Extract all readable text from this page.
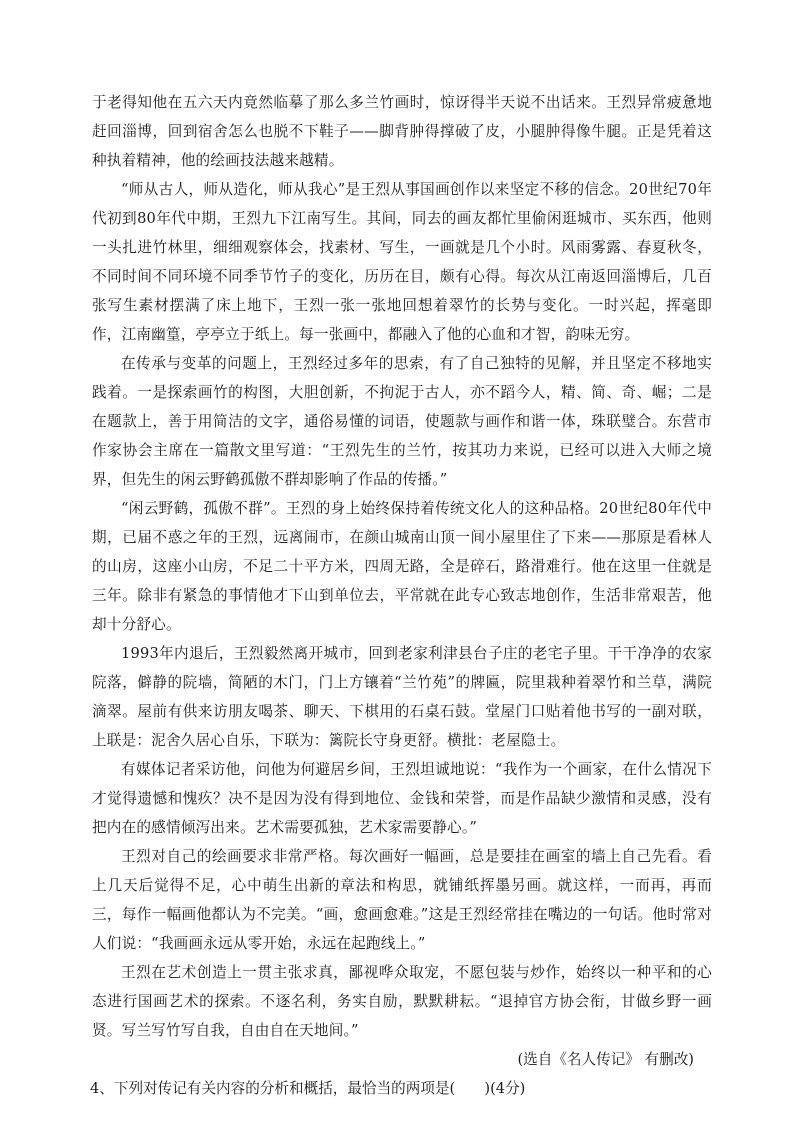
于老得知他在五六天内竟然临摹了那么多兰竹画时，惊讶得半天说不出话来。王烈异常疲惫地赶回淄博，回到宿舍怎么也脱不下鞋子——脚背肿得撑破了皮，小腿肿得像牛腿。正是凭着这种执着精神，他的绘画技法越来越精。

“师从古人，师从造化，师从我心”是王烈从事国画创作以来坚定不移的信念。20世纪70年代初到80年代中期，王烈九下江南写生。其间，同去的画友都忙里偷闲逛城市、买东西，他则一头扎进竹林里，细细观察体会，找素材、写生，一画就是几个小时。风雨雾露、春夏秋冬，不同时间不同环境不同季节竹子的变化，历历在目，颇有心得。每次从江南返回淄博后，几百张写生素材摆满了床上地下，王烈一张一张地回想着翠竹的长势与变化。一时兴起，挥毫即作，江南幽篁，亭亭立于纸上。每一张画中，都融入了他的心血和才智，韵味无穷。

在传承与变革的问题上，王烈经过多年的思索，有了自己独特的见解，并且坚定不移地实践着。一是探索画竹的构图，大胆创新，不拘泥于古人，亦不蹈今人，精、简、奇、崛；二是在题款上，善于用简洁的文字，通俗易懂的词语，使题款与画作和谐一体，珠联璧合。东营市作家协会主席在一篇散文里写道：“王烈先生的兰竹，按其功力来说，已经可以进入大师之境界，但先生的闲云野鹤孤傲不群却影响了作品的传播。”

“闲云野鹤，孤傲不群”。王烈的身上始终保持着传统文化人的这种品格。20世纪80年代中期，已届不惑之年的王烈，远离闹市，在颜山城南山顶一间小屋里住了下来——那原是看林人的山房，这座小山房，不足二十平方米，四周无路，全是碎石，路滑难行。他在这里一住就是三年。除非有紧急的事情他才下山到单位去，平常就在此专心致志地创作，生活非常艰苦，他却十分舒心。

1993年内退后，王烈毅然离开城市，回到老家利津县台子庄的老宅子里。干干净净的农家院落，僻静的院墙，简陋的木门，门上方镶着“兰竹苑”的牌匾，院里栽种着翠竹和兰草，满院滴翠。屋前有供来访朋友喝茶、聊天、下棋用的石桌石鼓。堂屋门口贴着他书写的一副对联，上联是：泥舍久居心自乐，下联为：篱院长守身更舒。横批：老屋隐士。

有媒体记者采访他，问他为何避居乡间，王烈坦诚地说：“我作为一个画家，在什么情况下才觉得遗憾和愧疚？决不是因为没有得到地位、金钱和荣誉，而是作品缺少激情和灵感，没有把内在的感情倾泻出来。艺术需要孤独，艺术家需要静心。”

王烈对自己的绘画要求非常严格。每次画好一幅画，总是要挂在画室的墙上自己先看。看上几天后觉得不足，心中萌生出新的章法和构思，就铺纸挥墨另画。就这样，一而再，再而三，每作一幅画他都认为不完美。“画，愈画愈难。”这是王烈经常挂在嘴边的一句话。他时常对人们说：“我画画永远从零开始，永远在起跑线上。”

王烈在艺术创造上一贯主张求真，鄙视哗众取宠，不愿包装与炒作，始终以一种平和的心态进行国画艺术的探索。不逐名利，务实自励，默默耕耘。“退掉官方协会衔，甘做乡野一画贤。写兰写竹写自我，自由自在天地间。”

(选自《名人传记》 有删改)

4、下列对传记有关内容的分析和概括，最恰当的两项是(　　)(4分)
